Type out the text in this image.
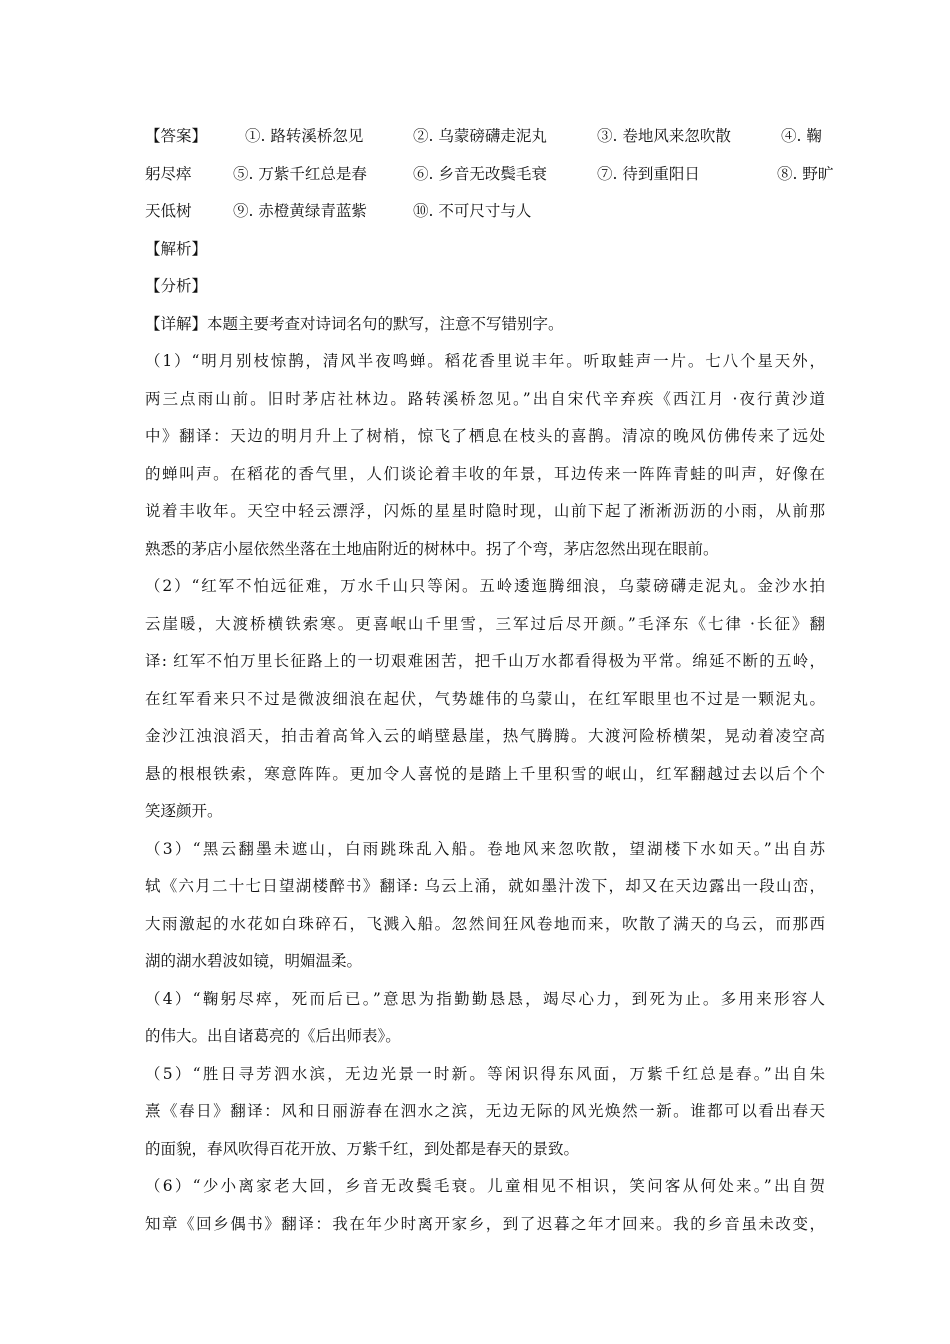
【答案】 ①. 路转溪桥忽见	②. 乌蒙磅礴走泥丸	③. 卷地风来忽吹散	④. 鞠
躬尽瘁	⑤. 万紫千红总是春	⑥. 乡音无改鬓毛衰	⑦. 待到重阳日	⑧. 野旷
天低树	⑨. 赤橙黄绿青蓝紫	⑩. 不可尺寸与人
【解析】
【分析】
【详解】本题主要考查对诗词名句的默写，注意不写错别字。
（1）“明月别枝惊鹊，清风半夜鸣蝉。稻花香里说丰年。听取蛙声一片。七八个星天外，
两三点雨山前。旧时茅店社林边。路转溪桥忽见。”出自宋代辛弃疾《西江月 ·夜行黄沙道
中》翻译：天边的明月升上了树梢，惊飞了栖息在枝头的喜鹊。清凉的晚风仿佛传来了远处
的蝉叫声。在稻花的香气里，人们谈论着丰收的年景，耳边传来一阵阵青蛙的叫声，好像在
说着丰收年。天空中轻云漂浮，闪烁的星星时隐时现，山前下起了淅淅沥沥的小雨，从前那
熟悉的茅店小屋依然坐落在土地庙附近的树林中。拐了个弯，茅店忽然出现在眼前。
（2）“红军不怕远征难，万水千山只等闲。五岭逶迤腾细浪，乌蒙磅礴走泥丸。金沙水拍
云崖暖，大渡桥横铁索寒。更喜岷山千里雪，三军过后尽开颜。”毛泽东《七律 ·长征》翻
译: 红军不怕万里长征路上的一切艰难困苦，把千山万水都看得极为平常。绵延不断的五岭，
在红军看来只不过是微波细浪在起伏，气势雄伟的乌蒙山，在红军眼里也不过是一颗泥丸。
金沙江浊浪滔天，拍击着高耸入云的峭壁悬崖，热气腾腾。大渡河险桥横架，晃动着凌空高
悬的根根铁索，寒意阵阵。更加令人喜悦的是踏上千里积雪的岷山，红军翻越过去以后个个
笑逐颜开。
（3）“黑云翻墨未遮山，白雨跳珠乱入船。卷地风来忽吹散，望湖楼下水如天。”出自苏
轼《六月二十七日望湖楼醉书》翻译: 乌云上涌，就如墨汁泼下，却又在天边露出一段山峦，
大雨激起的水花如白珠碎石，飞溅入船。忽然间狂风卷地而来，吹散了满天的乌云，而那西
湖的湖水碧波如镜，明媚温柔。
（4）“鞠躬尽瘁，死而后已。”意思为指勤勤恳恳，竭尽心力，到死为止。多用来形容人
的伟大。出自诸葛亮的《后出师表》。
（5）“胜日寻芳泗水滨，无边光景一时新。等闲识得东风面，万紫千红总是春。”出自朱
熹《春日》翻译：风和日丽游春在泗水之滨，无边无际的风光焕然一新。谁都可以看出春天
的面貌，春风吹得百花开放、万紫千红，到处都是春天的景致。
（6）“少小离家老大回，乡音无改鬓毛衰。儿童相见不相识，笑问客从何处来。”出自贺
知章《回乡偶书》翻译：我在年少时离开家乡，到了迟暮之年才回来。我的乡音虽未改变，
